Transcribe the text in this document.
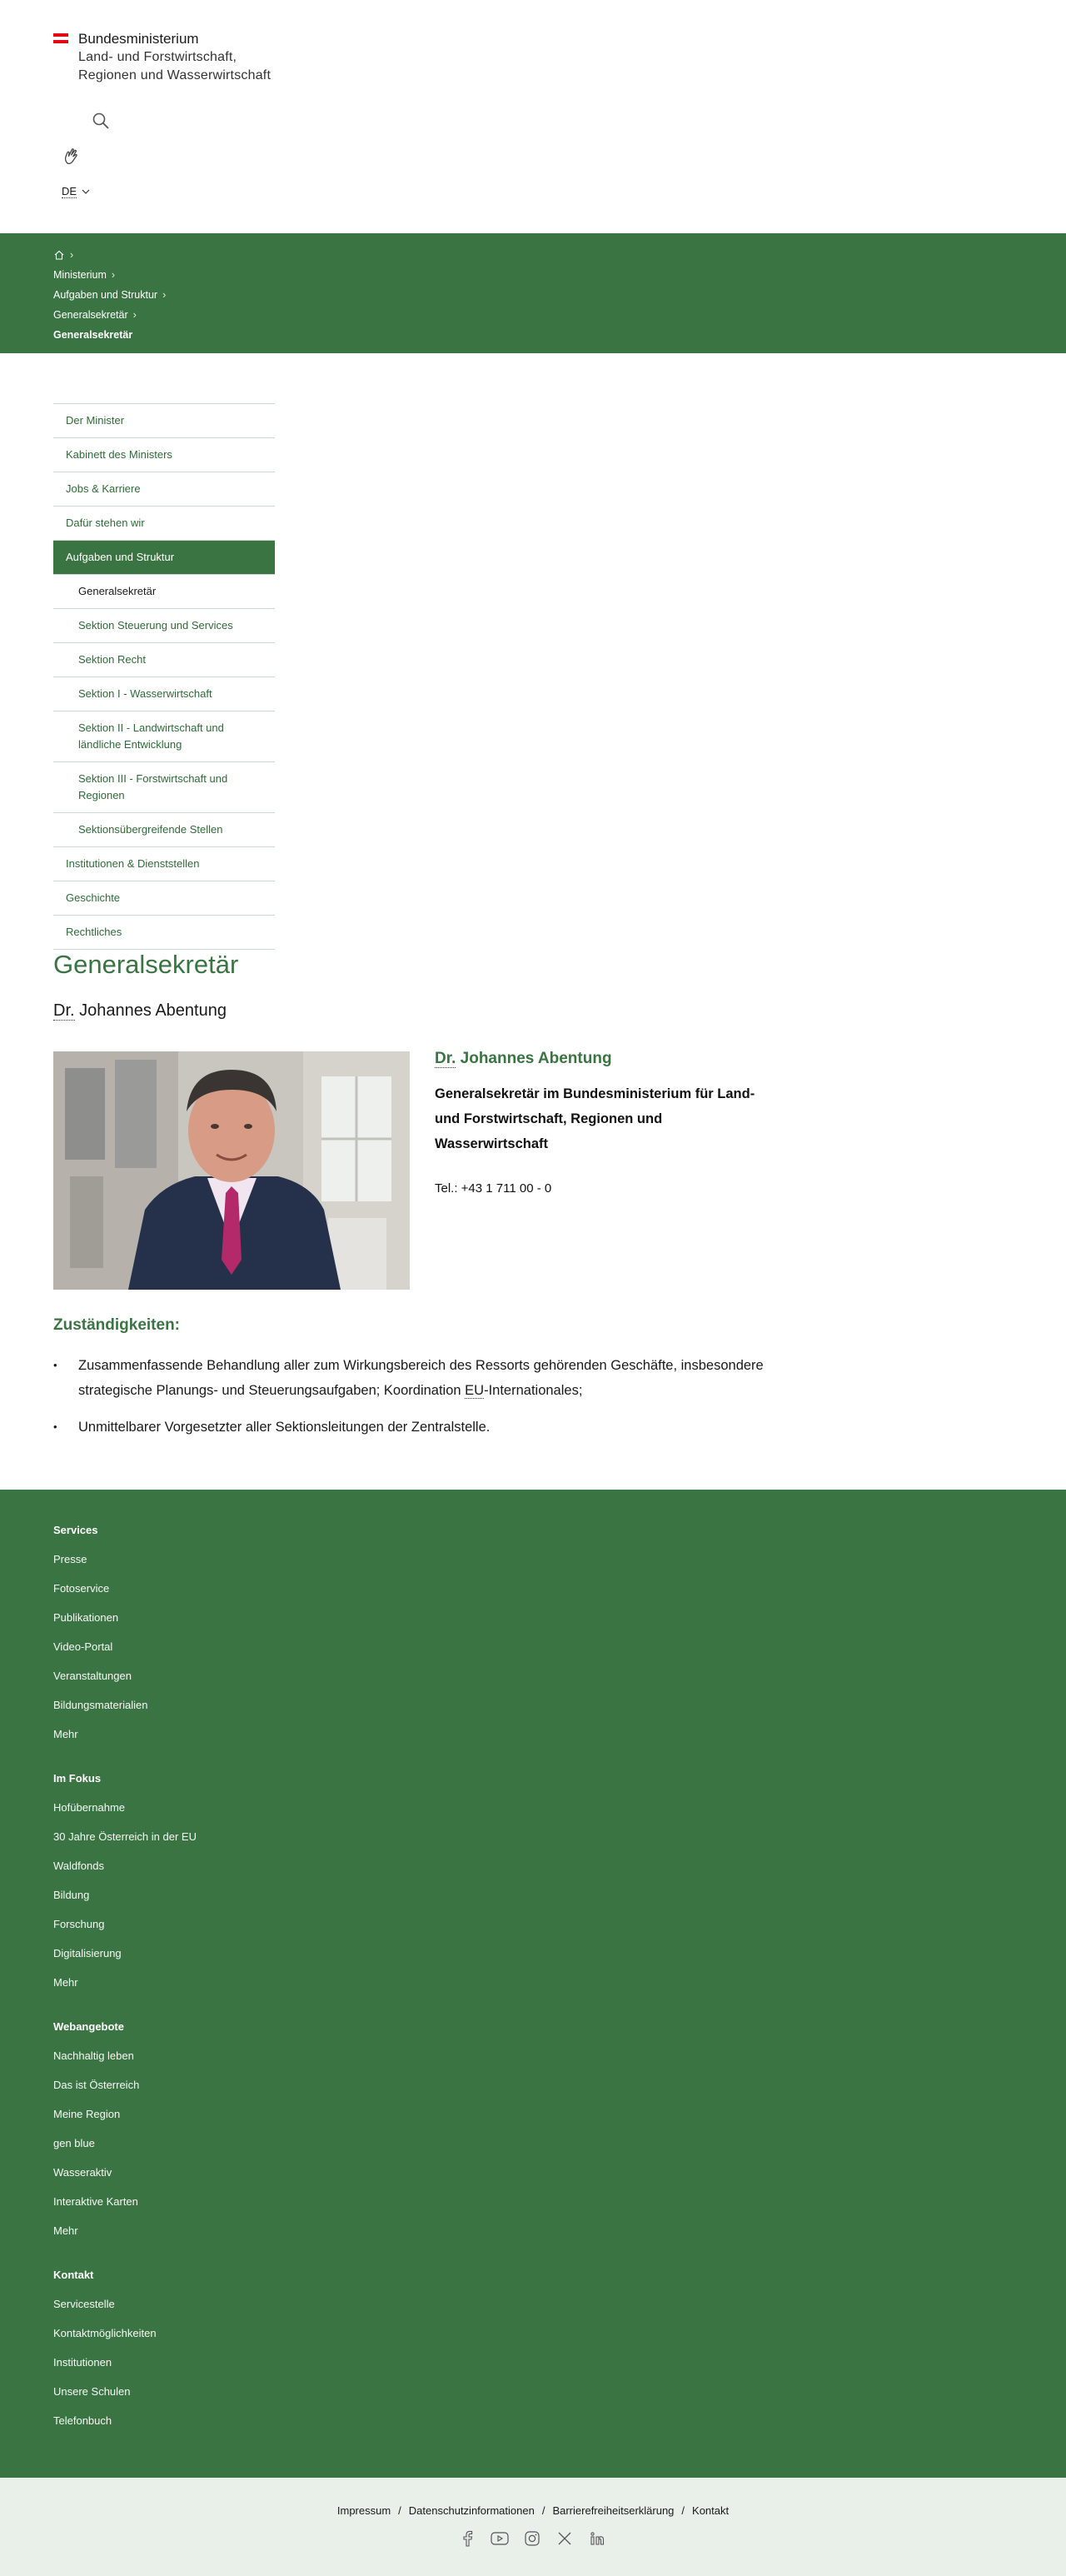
Bundesministerium
Land- und Forstwirtschaft,
Regionen und Wasserwirtschaft
DE
›
Ministerium ›
Aufgaben und Struktur ›
Generalsekretär ›
Generalsekretär
Der Minister
Kabinett des Ministers
Jobs & Karriere
Dafür stehen wir
Aufgaben und Struktur
Generalsekretär
Sektion Steuerung und Services
Sektion Recht
Sektion I - Wasserwirtschaft
Sektion II - Landwirtschaft und ländliche Entwicklung
Sektion III - Forstwirtschaft und Regionen
Sektionsübergreifende Stellen
Institutionen & Dienststellen
Geschichte
Rechtliches
Generalsekretär
Dr. Johannes Abentung
Dr. Johannes Abentung
Generalsekretär im Bundesministerium für Land- und Forstwirtschaft, Regionen und Wasserwirtschaft
Tel.: +43 1 711 00 - 0
Zuständigkeiten:
• Zusammenfassende Behandlung aller zum Wirkungsbereich des Ressorts gehörenden Geschäfte, insbesondere strategische Planungs- und Steuerungsaufgaben; Koordination EU-Internationales;
• Unmittelbarer Vorgesetzter aller Sektionsleitungen der Zentralstelle.
Services
Presse
Fotoservice
Publikationen
Video-Portal
Veranstaltungen
Bildungsmaterialien
Mehr
Im Fokus
Hofübernahme
30 Jahre Österreich in der EU
Waldfonds
Bildung
Forschung
Digitalisierung
Mehr
Webangebote
Nachhaltig leben
Das ist Österreich
Meine Region
gen blue
Wasseraktiv
Interaktive Karten
Mehr
Kontakt
Servicestelle
Kontaktmöglichkeiten
Institutionen
Unsere Schulen
Telefonbuch
Impressum / Datenschutzinformationen / Barrierefreiheitserklärung / Kontakt
